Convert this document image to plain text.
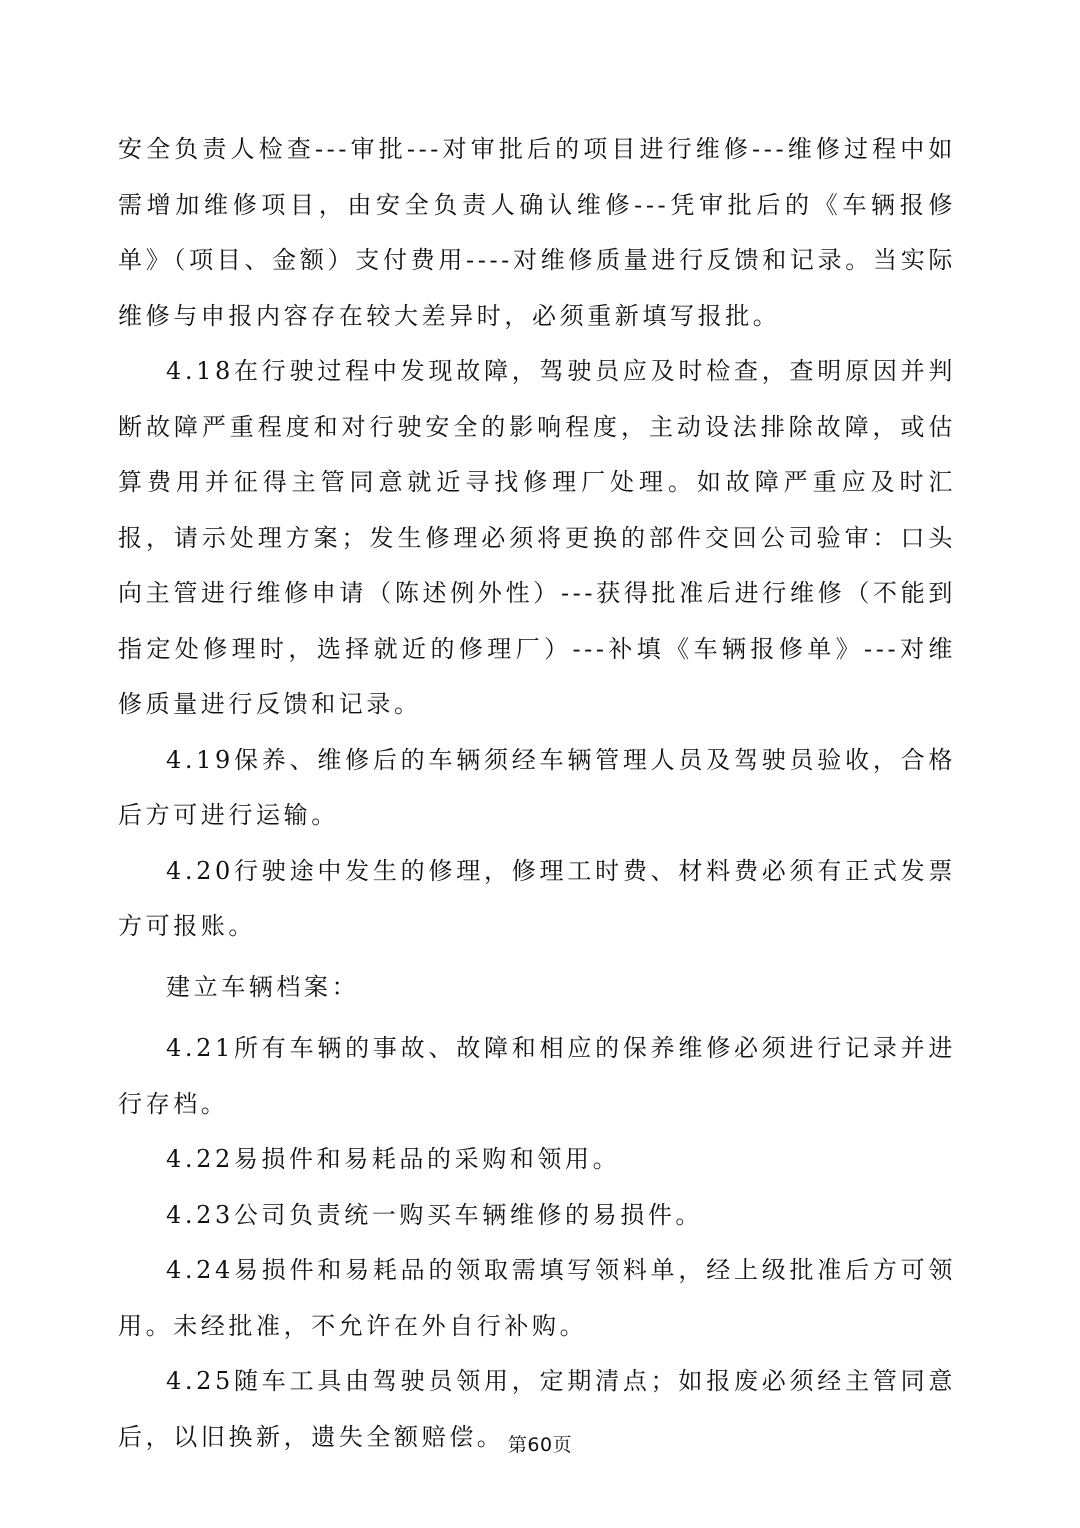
安全负责人检查---审批---对审批后的项目进行维修---维修过程中如需增加维修项目，由安全负责人确认维修---凭审批后的《车辆报修单》（项目、金额）支付费用----对维修质量进行反馈和记录。当实际维修与申报内容存在较大差异时，必须重新填写报批。

4.18在行驶过程中发现故障，驾驶员应及时检查，查明原因并判断故障严重程度和对行驶安全的影响程度，主动设法排除故障，或估算费用并征得主管同意就近寻找修理厂处理。如故障严重应及时汇报，请示处理方案；发生修理必须将更换的部件交回公司验审：口头向主管进行维修申请（陈述例外性）---获得批准后进行维修（不能到指定处修理时，选择就近的修理厂）---补填《车辆报修单》---对维修质量进行反馈和记录。

4.19保养、维修后的车辆须经车辆管理人员及驾驶员验收，合格后方可进行运输。

4.20行驶途中发生的修理，修理工时费、材料费必须有正式发票方可报账。

建立车辆档案：

4.21所有车辆的事故、故障和相应的保养维修必须进行记录并进行存档。

4.22易损件和易耗品的采购和领用。

4.23公司负责统一购买车辆维修的易损件。

4.24易损件和易耗品的领取需填写领料单，经上级批准后方可领用。未经批准，不允许在外自行补购。

4.25随车工具由驾驶员领用，定期清点；如报废必须经主管同意后，以旧换新，遗失全额赔偿。 第60页
